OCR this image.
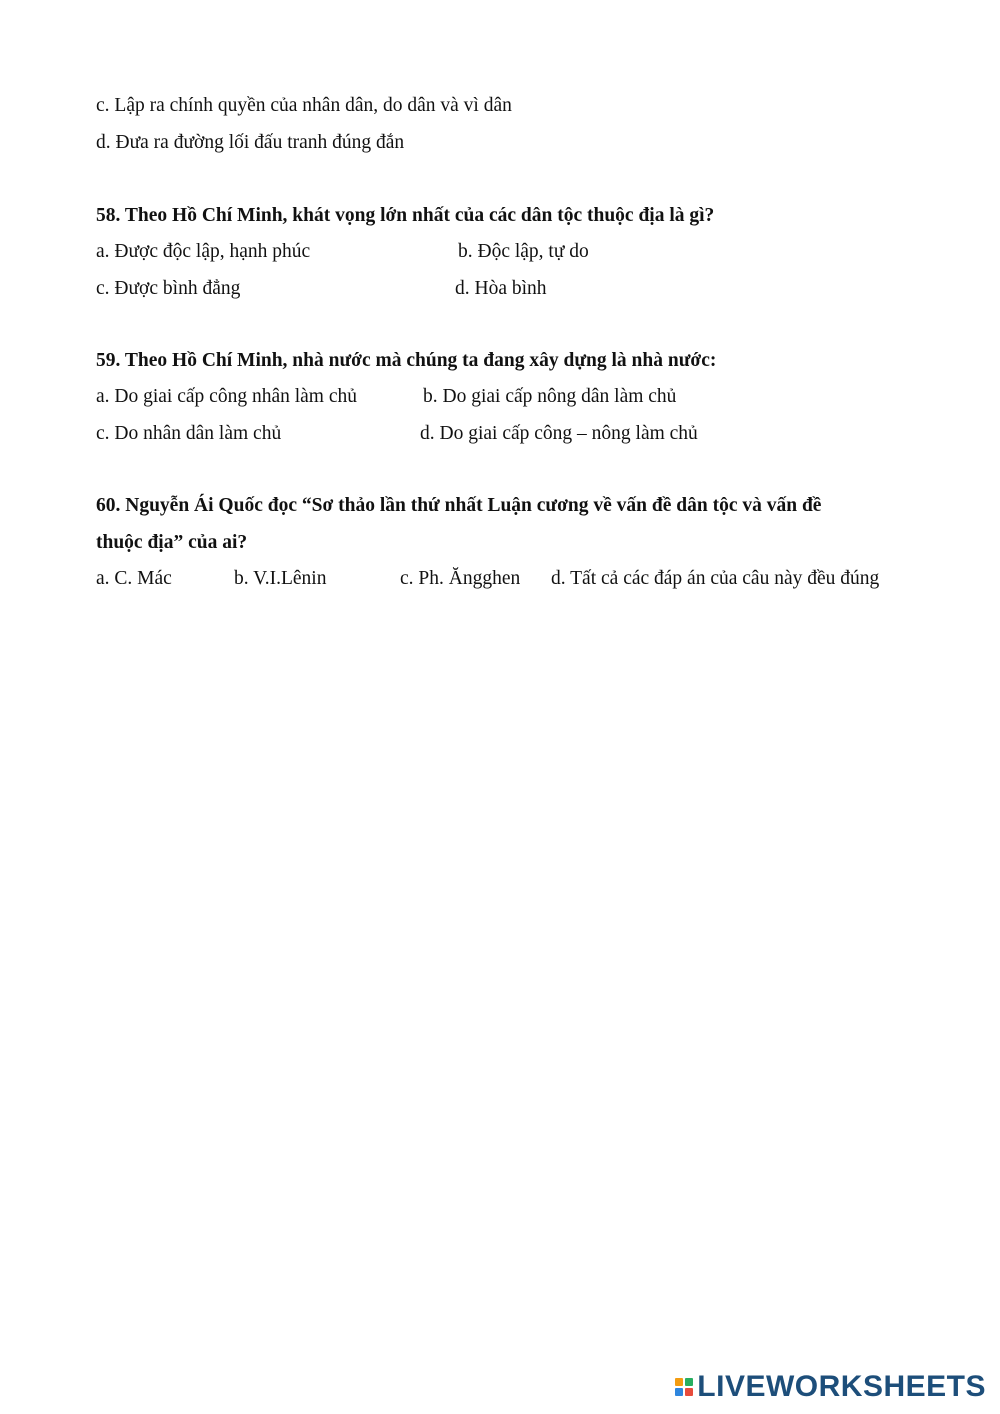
c. Lập ra chính quyền của nhân dân, do dân và vì dân

d. Đưa ra đường lối đấu tranh đúng đắn

58. Theo Hồ Chí Minh, khát vọng lớn nhất của các dân tộc thuộc địa là gì?

a. Được độc lập, hạnh phúc	b. Độc lập, tự do
c. Được bình đẳng	d. Hòa bình

59. Theo Hồ Chí Minh, nhà nước mà chúng ta đang xây dựng là nhà nước:

a. Do giai cấp công nhân làm chủ	b. Do giai cấp nông dân làm chủ
c. Do nhân dân làm chủ	d. Do giai cấp công – nông làm chủ

60. Nguyễn Ái Quốc đọc “Sơ thảo lần thứ nhất Luận cương về vấn đề dân tộc và vấn đề

thuộc địa” của ai?

a. C. Mác	b. V.I.Lênin	c. Ph. Ăngghen d. Tất cả các đáp án của câu này đều đúng
LIVEWORKSHEETS
